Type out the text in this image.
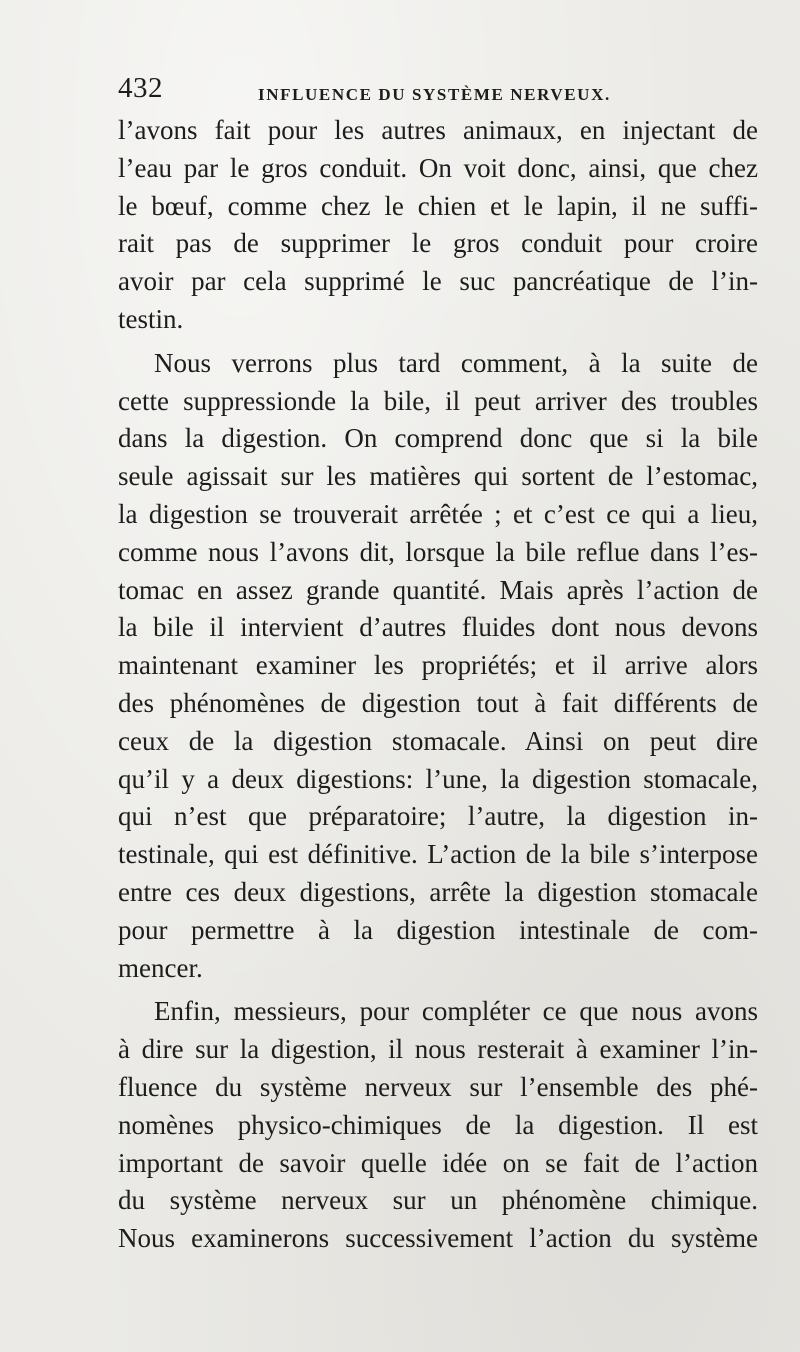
432	INFLUENCE DU SYSTÈME NERVEUX.
l’avons fait pour les autres animaux, en injectant de
l’eau par le gros conduit. On voit donc, ainsi, que chez
le bœuf, comme chez le chien et le lapin, il ne suffi-
rait pas de supprimer le gros conduit pour croire
avoir par cela supprimé le suc pancréatique de l’in-
testin.
Nous verrons plus tard comment, à la suite de
cette suppressionde la bile, il peut arriver des troubles
dans la digestion. On comprend donc que si la bile
seule agissait sur les matières qui sortent de l’estomac,
la digestion se trouverait arrêtée ; et c’est ce qui a lieu,
comme nous l’avons dit, lorsque la bile reflue dans l’es-
tomac en assez grande quantité. Mais après l’action de
la bile il intervient d’autres fluides dont nous devons
maintenant examiner les propriétés; et il arrive alors
des phénomènes de digestion tout à fait différents de
ceux de la digestion stomacale. Ainsi on peut dire
qu’il y a deux digestions: l’une, la digestion stomacale,
qui n’est que préparatoire; l’autre, la digestion in-
testinale, qui est définitive. L’action de la bile s’interpose
entre ces deux digestions, arrête la digestion stomacale
pour permettre à la digestion intestinale de com-
mencer.
Enfin, messieurs, pour compléter ce que nous avons
à dire sur la digestion, il nous resterait à examiner l’in-
fluence du système nerveux sur l’ensemble des phé-
nomènes physico-chimiques de la digestion. Il est
important de savoir quelle idée on se fait de l’action
du système nerveux sur un phénomène chimique.
Nous examinerons successivement l’action du système
